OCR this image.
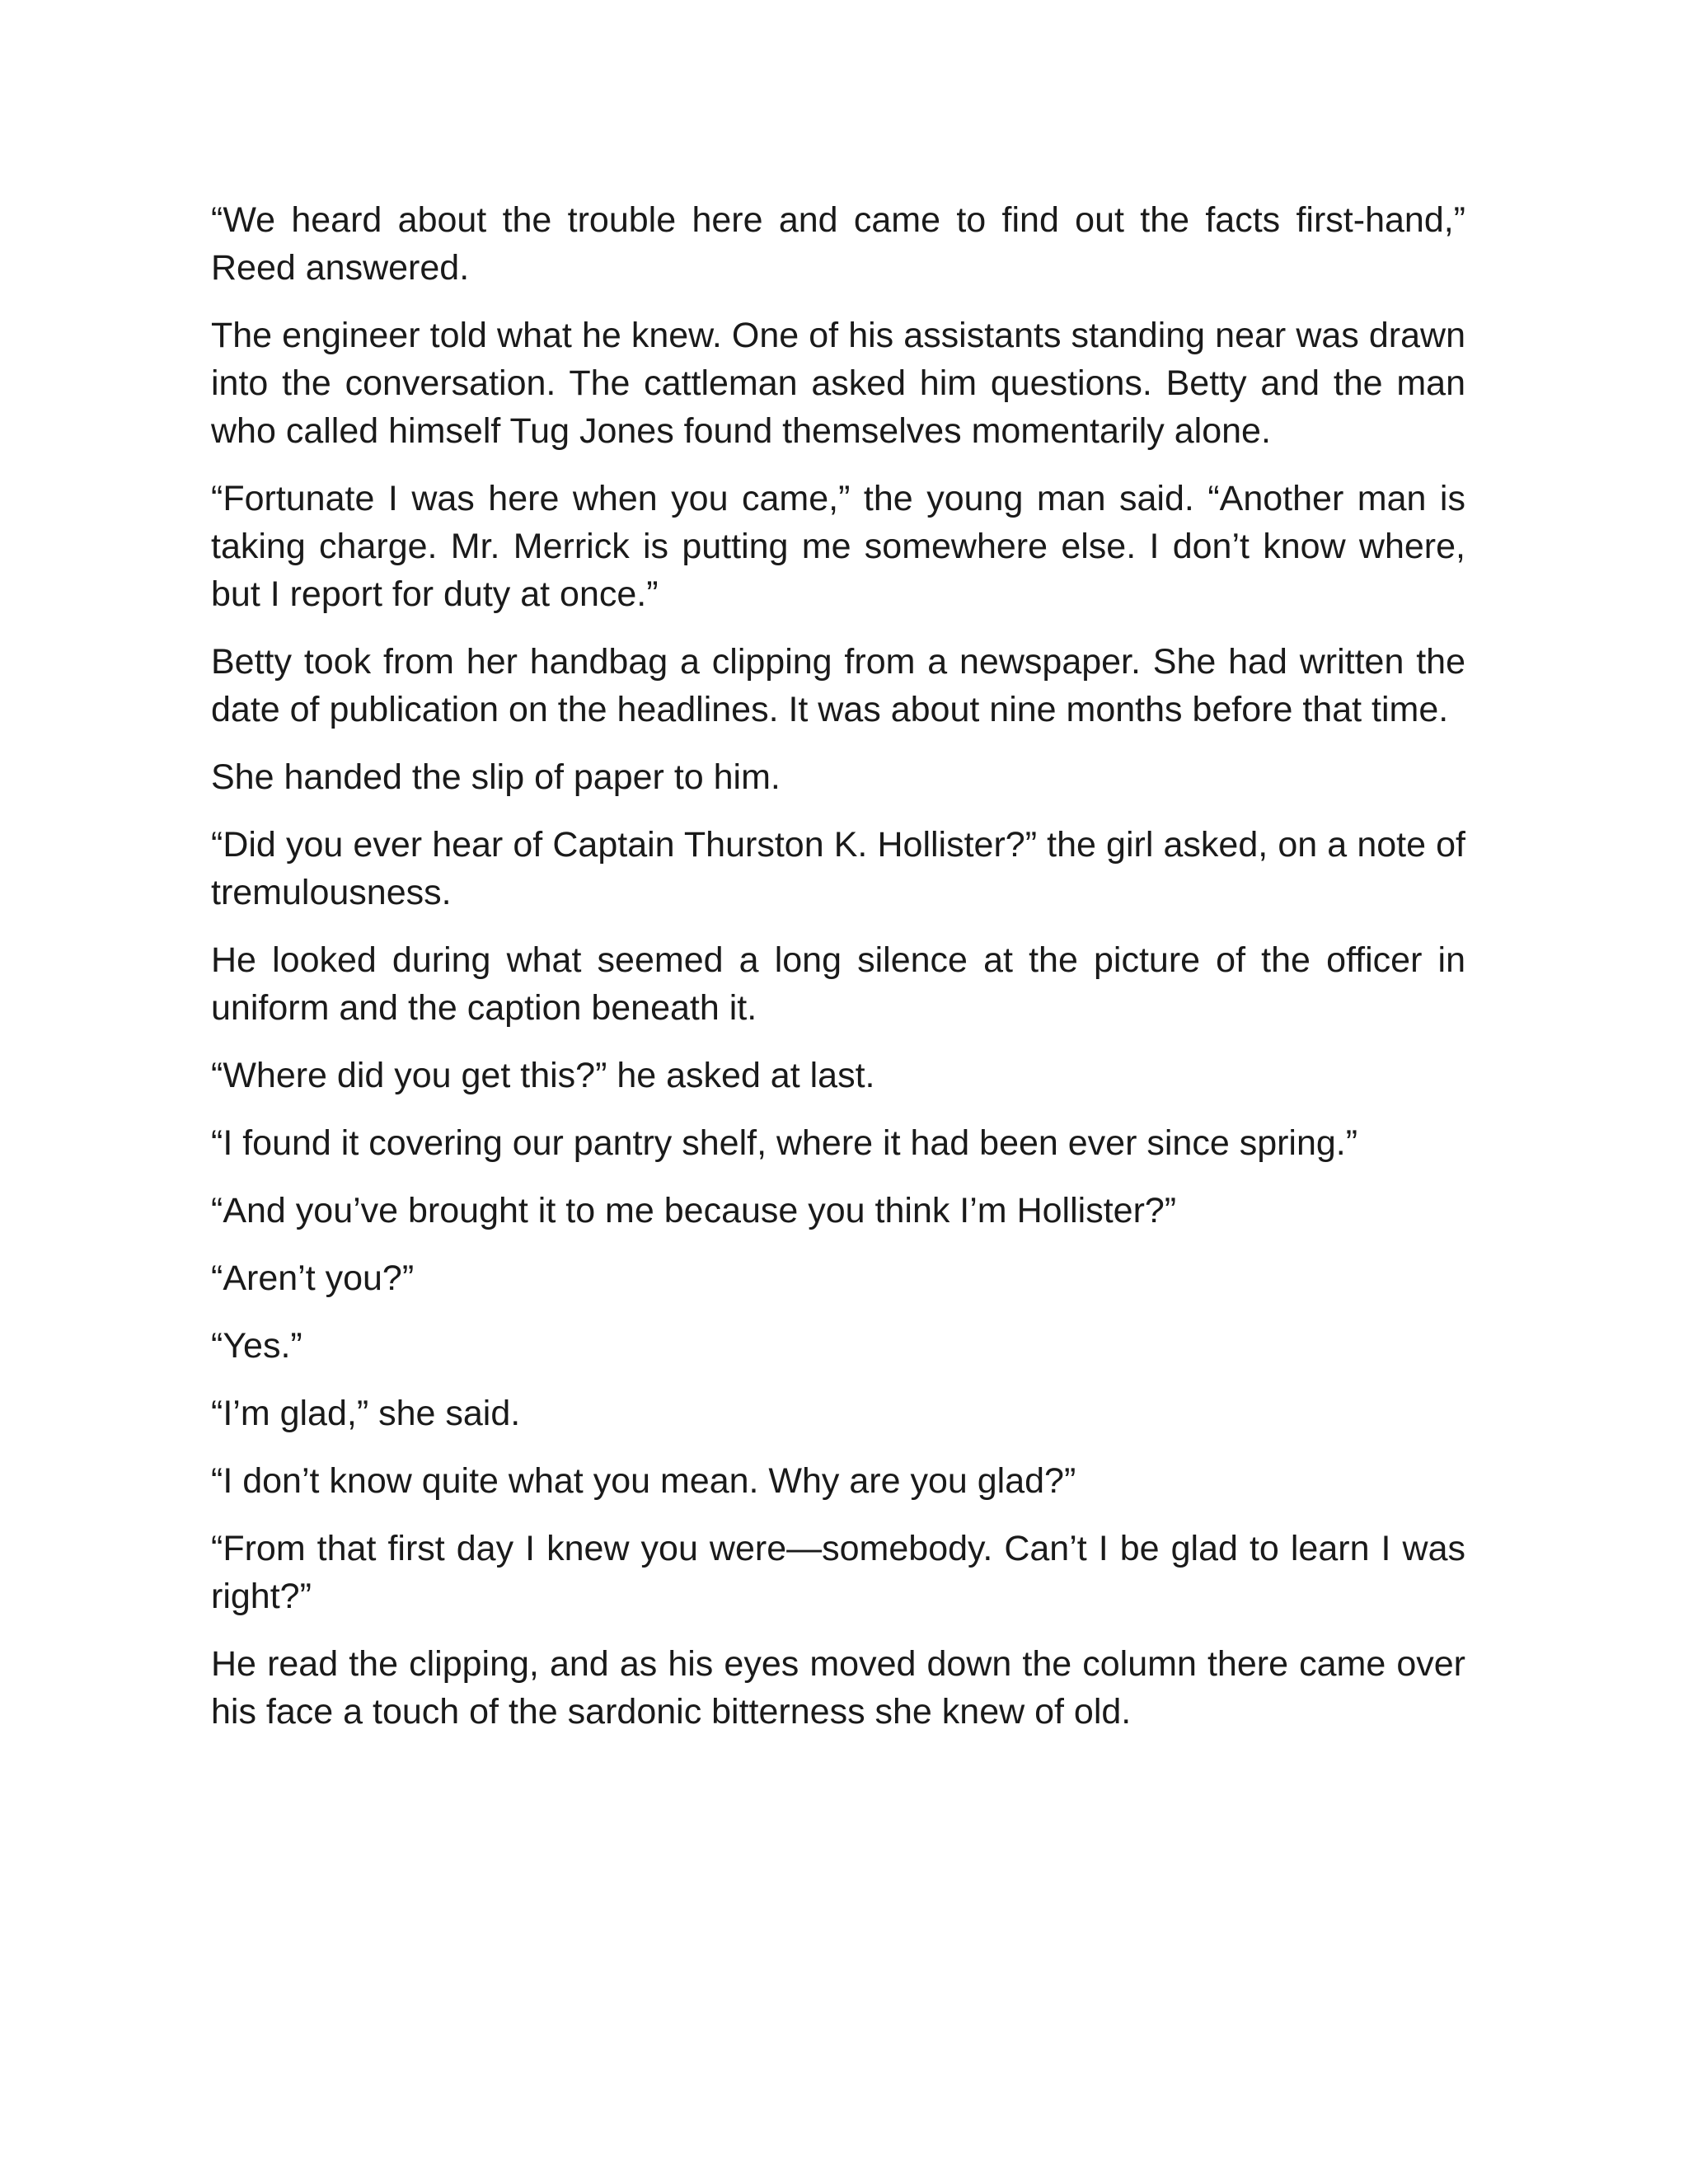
“We heard about the trouble here and came to find out the facts first-hand,” Reed answered.

The engineer told what he knew. One of his assistants standing near was drawn into the conversation. The cattleman asked him questions. Betty and the man who called himself Tug Jones found themselves momentarily alone.

“Fortunate I was here when you came,” the young man said. “Another man is taking charge. Mr. Merrick is putting me somewhere else. I don’t know where, but I report for duty at once.”

Betty took from her handbag a clipping from a newspaper. She had written the date of publication on the headlines. It was about nine months before that time.

She handed the slip of paper to him.

“Did you ever hear of Captain Thurston K. Hollister?” the girl asked, on a note of tremulousness.

He looked during what seemed a long silence at the picture of the officer in uniform and the caption beneath it.

“Where did you get this?” he asked at last.

“I found it covering our pantry shelf, where it had been ever since spring.”

“And you’ve brought it to me because you think I’m Hollister?”

“Aren’t you?”

“Yes.”

“I’m glad,” she said.

“I don’t know quite what you mean. Why are you glad?”

“From that first day I knew you were—somebody. Can’t I be glad to learn I was right?”

He read the clipping, and as his eyes moved down the column there came over his face a touch of the sardonic bitterness she knew of old.
